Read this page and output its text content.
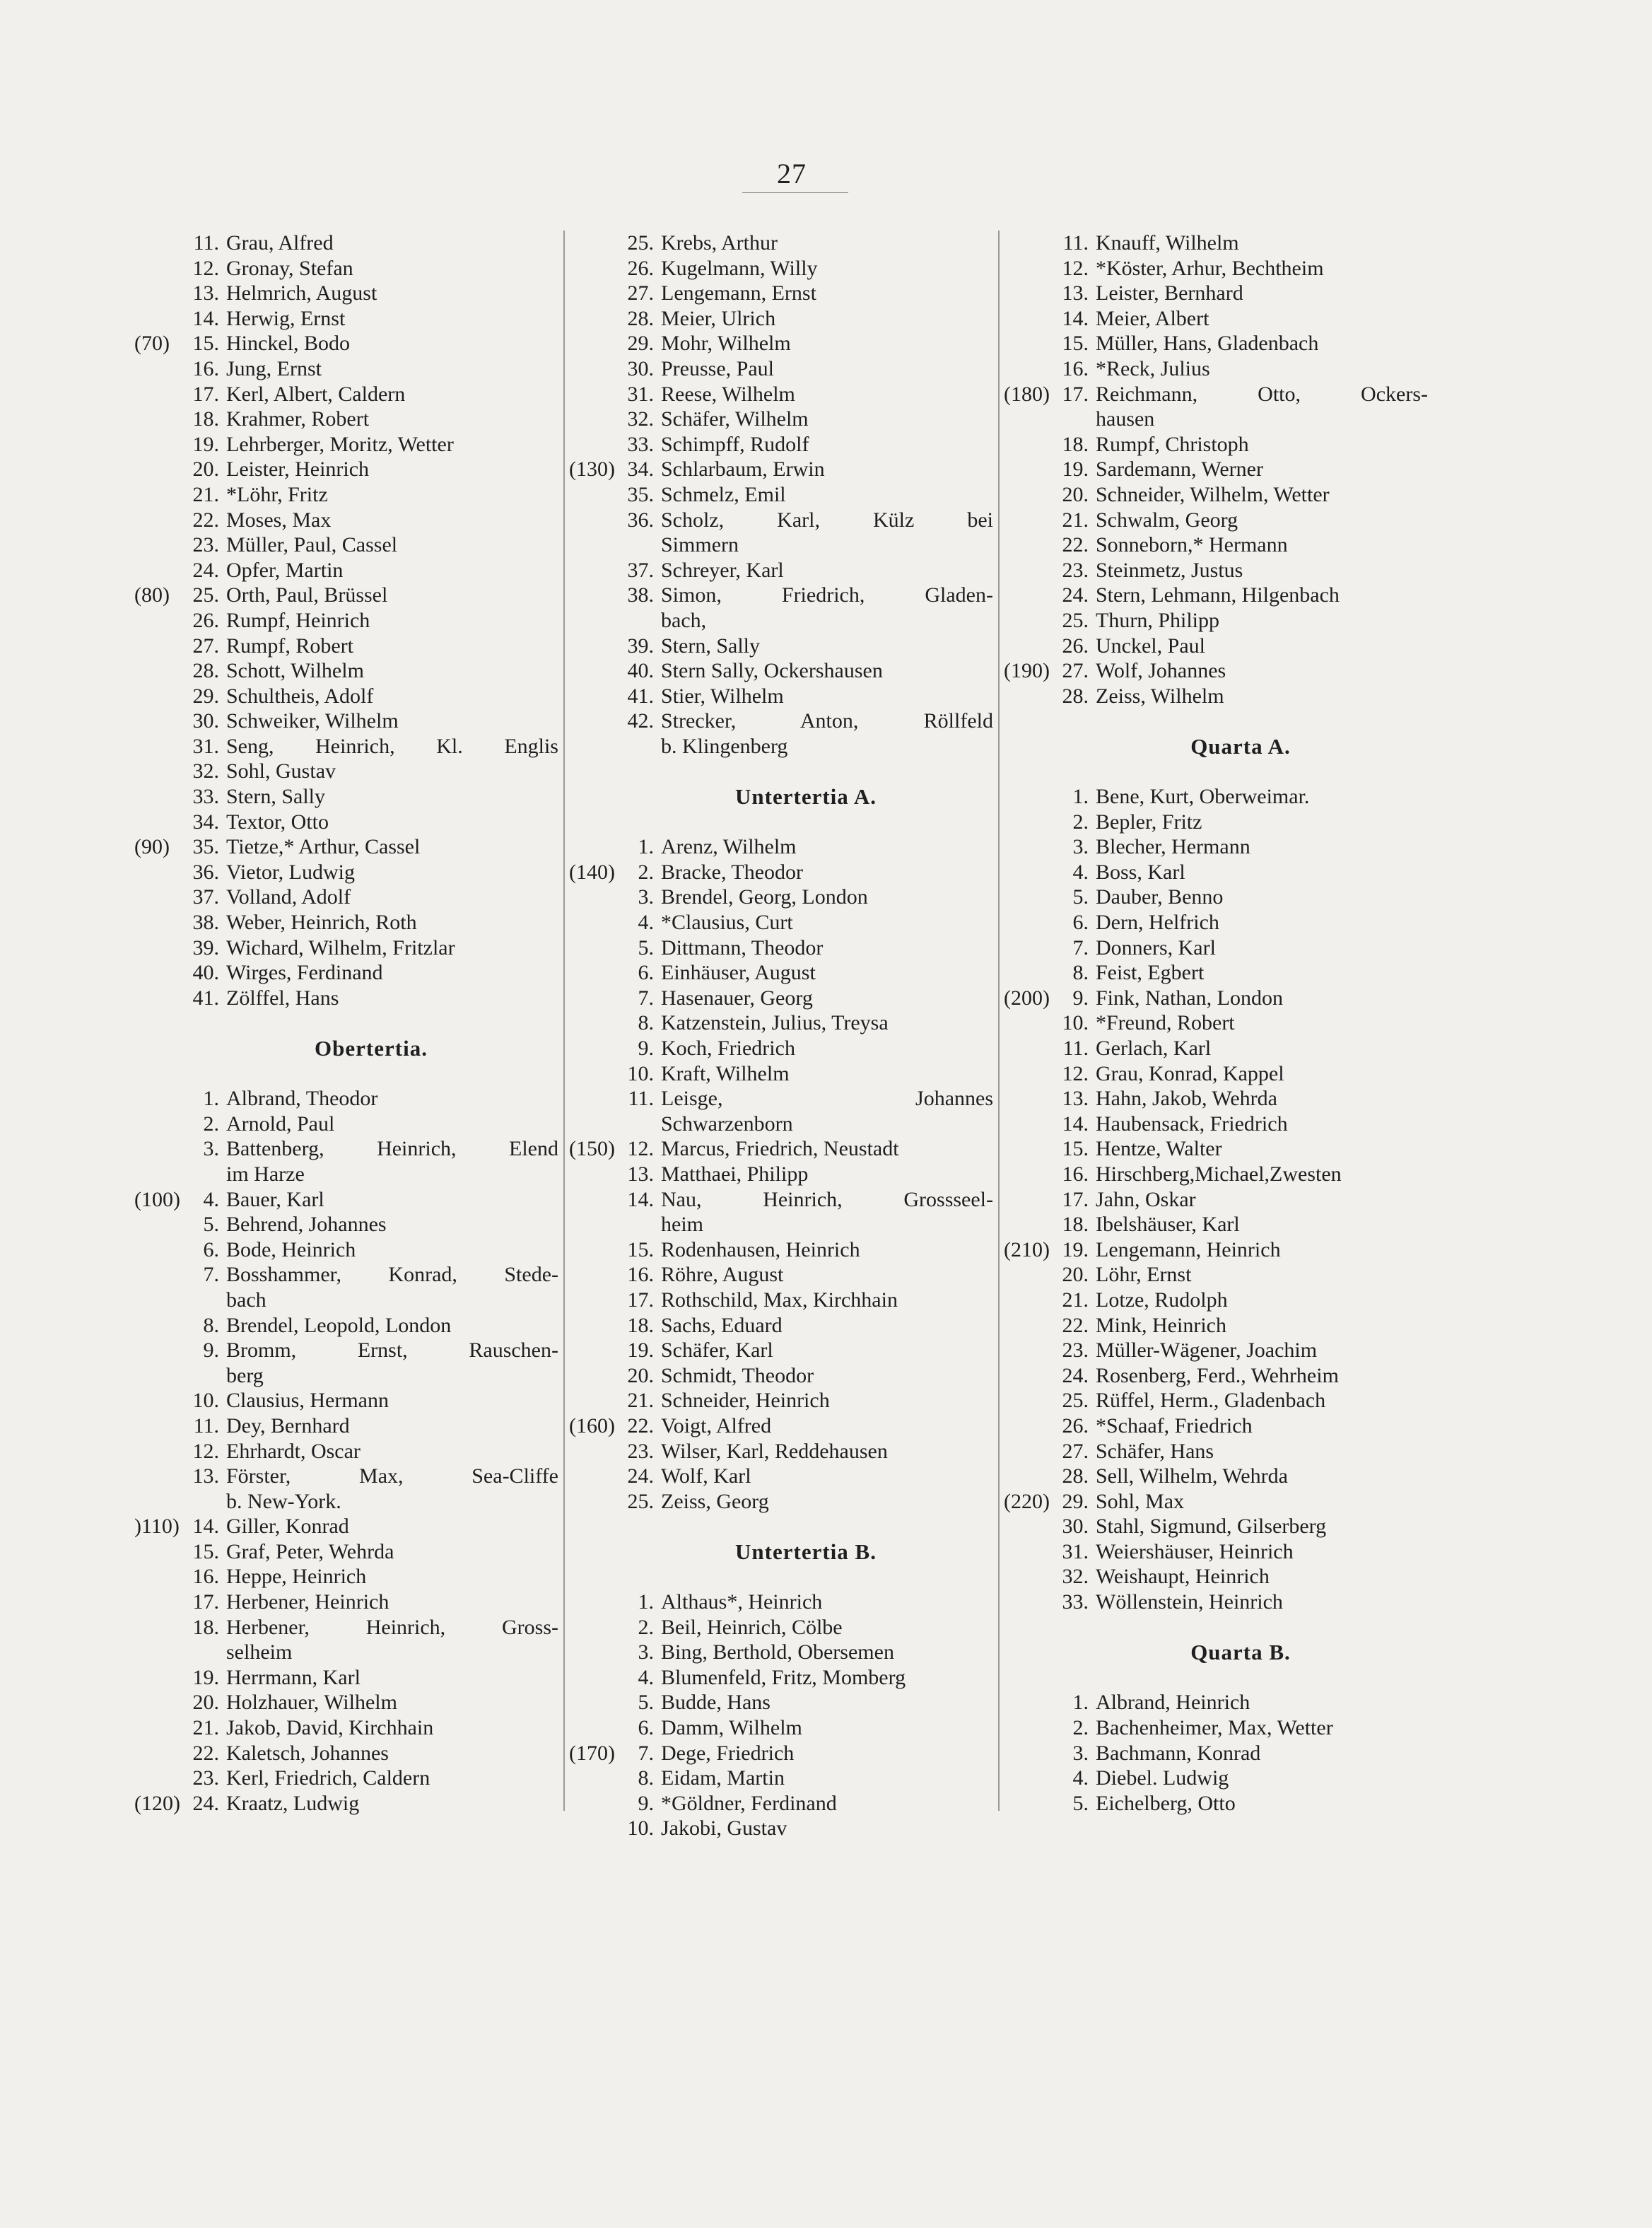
27
11. Grau, Alfred
12. Gronay, Stefan
13. Helmrich, August
14. Herwig, Ernst
(70)	15. Hinckel, Bodo
16. Jung, Ernst
17. Kerl, Albert, Caldern
18. Krahmer, Robert
19. Lehrberger, Moritz, Wetter
20. Leister, Heinrich
21. *Löhr, Fritz
22. Moses, Max
23. Müller, Paul, Cassel
24. Opfer, Martin
(80)	25. Orth, Paul, Brüssel
26. Rumpf, Heinrich
27. Rumpf, Robert
28. Schott, Wilhelm
29. Schultheis, Adolf
30. Schweiker, Wilhelm
31. Seng, Heinrich, Kl. Englis
32. Sohl, Gustav
33. Stern, Sally
34. Textor, Otto
(90)	35. Tietze,* Arthur, Cassel
36. Vietor, Ludwig
37. Volland, Adolf
38. Weber, Heinrich, Roth
39. Wichard, Wilhelm, Fritzlar
40. Wirges, Ferdinand
41. Zölffel, Hans
Obertertia.
1. Albrand, Theodor
2. Arnold, Paul
3. Battenberg, Heinrich, Elend
im Harze
(100)	4. Bauer, Karl
5. Behrend, Johannes
6. Bode, Heinrich
7. Bosshammer, Konrad, Stede-
bach
8. Brendel, Leopold, London
9. Bromm, Ernst, Rauschen-
berg
10. Clausius, Hermann
11. Dey, Bernhard
12. Ehrhardt, Oscar
13. Förster, Max, Sea-Cliffe
b. New-York.
)110) 14. Giller, Konrad
15. Graf, Peter, Wehrda
16. Heppe, Heinrich
17. Herbener, Heinrich
18. Herbener, Heinrich, Gross-
selheim
19. Herrmann, Karl
20. Holzhauer, Wilhelm
21. Jakob, David, Kirchhain
22. Kaletsch, Johannes
23. Kerl, Friedrich, Caldern
(120) 24. Kraatz, Ludwig
25. Krebs, Arthur
26. Kugelmann, Willy
27. Lengemann, Ernst
28. Meier, Ulrich
29. Mohr, Wilhelm
30. Preusse, Paul
31. Reese, Wilhelm
32. Schäfer, Wilhelm
33. Schimpff, Rudolf
(130) 34. Schlarbaum, Erwin
35. Schmelz, Emil
36. Scholz, Karl, Külz bei
Simmern
37. Schreyer, Karl
38. Simon, Friedrich, Gladen-
bach,
39. Stern, Sally
40. Stern Sally, Ockershausen
41. Stier, Wilhelm
42. Strecker, Anton, Röllfeld
b. Klingenberg
Untertertia A.
1. Arenz, Wilhelm
(140)	2. Bracke, Theodor
3. Brendel, Georg, London
4. *Clausius, Curt
5. Dittmann, Theodor
6. Einhäuser, August
7. Hasenauer, Georg
8. Katzenstein, Julius, Treysa
9. Koch, Friedrich
10. Kraft, Wilhelm
11. Leisge, Johannes
Schwarzenborn
(150) 12. Marcus, Friedrich, Neustadt
13. Matthaei, Philipp
14. Nau, Heinrich, Grossseel-
heim
15. Rodenhausen, Heinrich
16. Röhre, August
17. Rothschild, Max, Kirchhain
18. Sachs, Eduard
19. Schäfer, Karl
20. Schmidt, Theodor
21. Schneider, Heinrich
(160) 22. Voigt, Alfred
23. Wilser, Karl, Reddehausen
24. Wolf, Karl
25. Zeiss, Georg
Untertertia B.
1. Althaus*, Heinrich
2. Beil, Heinrich, Cölbe
3. Bing, Berthold, Obersemen
4. Blumenfeld, Fritz, Momberg
5. Budde, Hans
6. Damm, Wilhelm
(170)	7. Dege, Friedrich
8. Eidam, Martin
9. *Göldner, Ferdinand
10. Jakobi, Gustav
11. Knauff, Wilhelm
12. *Köster, Arhur, Bechtheim
13. Leister, Bernhard
14. Meier, Albert
15. Müller, Hans, Gladenbach
16. *Reck, Julius
(180) 17. Reichmann, Otto, Ockers-
hausen
18. Rumpf, Christoph
19. Sardemann, Werner
20. Schneider, Wilhelm, Wetter
21. Schwalm, Georg
22. Sonneborn,* Hermann
23. Steinmetz, Justus
24. Stern, Lehmann, Hilgenbach
25. Thurn, Philipp
26. Unckel, Paul
(190) 27. Wolf, Johannes
28. Zeiss, Wilhelm
Quarta A.
1. Bene, Kurt, Oberweimar.
2. Bepler, Fritz
3. Blecher, Hermann
4. Boss, Karl
5. Dauber, Benno
6. Dern, Helfrich
7. Donners, Karl
8. Feist, Egbert
(200)	9. Fink, Nathan, London
10. *Freund, Robert
11. Gerlach, Karl
12. Grau, Konrad, Kappel
13. Hahn, Jakob, Wehrda
14. Haubensack, Friedrich
15. Hentze, Walter
16. Hirschberg,Michael,Zwesten
17. Jahn, Oskar
18. Ibelshäuser, Karl
(210) 19. Lengemann, Heinrich
20. Löhr, Ernst
21. Lotze, Rudolph
22. Mink, Heinrich
23. Müller-Wägener, Joachim
24. Rosenberg, Ferd., Wehrheim
25. Rüffel, Herm., Gladenbach
26. *Schaaf, Friedrich
27. Schäfer, Hans
28. Sell, Wilhelm, Wehrda
(220) 29. Sohl, Max
30. Stahl, Sigmund, Gilserberg
31. Weiershäuser, Heinrich
32. Weishaupt, Heinrich
33. Wöllenstein, Heinrich
Quarta B.
1. Albrand, Heinrich
2. Bachenheimer, Max, Wetter
3. Bachmann, Konrad
4. Diebel. Ludwig
5. Eichelberg, Otto
